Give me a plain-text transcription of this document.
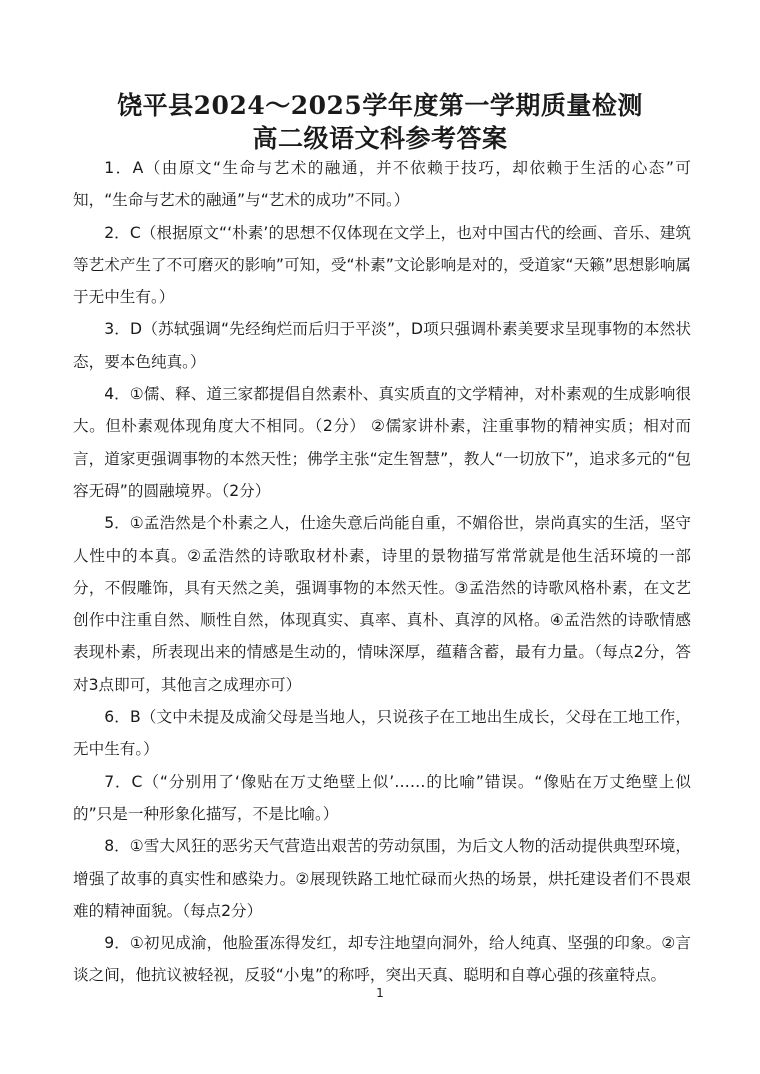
饶平县2024～2025学年度第一学期质量检测
高二级语文科参考答案

1．A（由原文“生命与艺术的融通，并不依赖于技巧，却依赖于生活的心态”可知，“生命与艺术的融通”与“艺术的成功”不同。）

2．C（根据原文“‘朴素’的思想不仅体现在文学上，也对中国古代的绘画、音乐、建筑等艺术产生了不可磨灭的影响”可知，受“朴素”文论影响是对的，受道家“天籁”思想影响属于无中生有。）

3．D（苏轼强调“先经绚烂而后归于平淡”，D项只强调朴素美要求呈现事物的本然状态，要本色纯真。）

4．①儒、释、道三家都提倡自然素朴、真实质直的文学精神，对朴素观的生成影响很大。但朴素观体现角度大不相同。（2分） ②儒家讲朴素，注重事物的精神实质；相对而言，道家更强调事物的本然天性；佛学主张“定生智慧”，教人“一切放下”，追求多元的“包容无碍”的圆融境界。（2分）

5．①孟浩然是个朴素之人，仕途失意后尚能自重，不媚俗世，崇尚真实的生活，坚守人性中的本真。②孟浩然的诗歌取材朴素，诗里的景物描写常常就是他生活环境的一部分，不假雕饰，具有天然之美，强调事物的本然天性。③孟浩然的诗歌风格朴素，在文艺创作中注重自然、顺性自然，体现真实、真率、真朴、真淳的风格。④孟浩然的诗歌情感表现朴素，所表现出来的情感是生动的，情味深厚，蕴藉含蓄，最有力量。（每点2分，答对3点即可，其他言之成理亦可）

6．B（文中未提及成渝父母是当地人，只说孩子在工地出生成长，父母在工地工作，无中生有。）

7．C（“分别用了‘像贴在万丈绝壁上似’……的比喻”错误。“像贴在万丈绝壁上似的”只是一种形象化描写，不是比喻。）

8．①雪大风狂的恶劣天气营造出艰苦的劳动氛围，为后文人物的活动提供典型环境，增强了故事的真实性和感染力。②展现铁路工地忙碌而火热的场景，烘托建设者们不畏艰难的精神面貌。（每点2分）

9．①初见成渝，他脸蛋冻得发红，却专注地望向洞外，给人纯真、坚强的印象。②言谈之间，他抗议被轻视，反驳“小鬼”的称呼，突出天真、聪明和自尊心强的孩童特点。

1
